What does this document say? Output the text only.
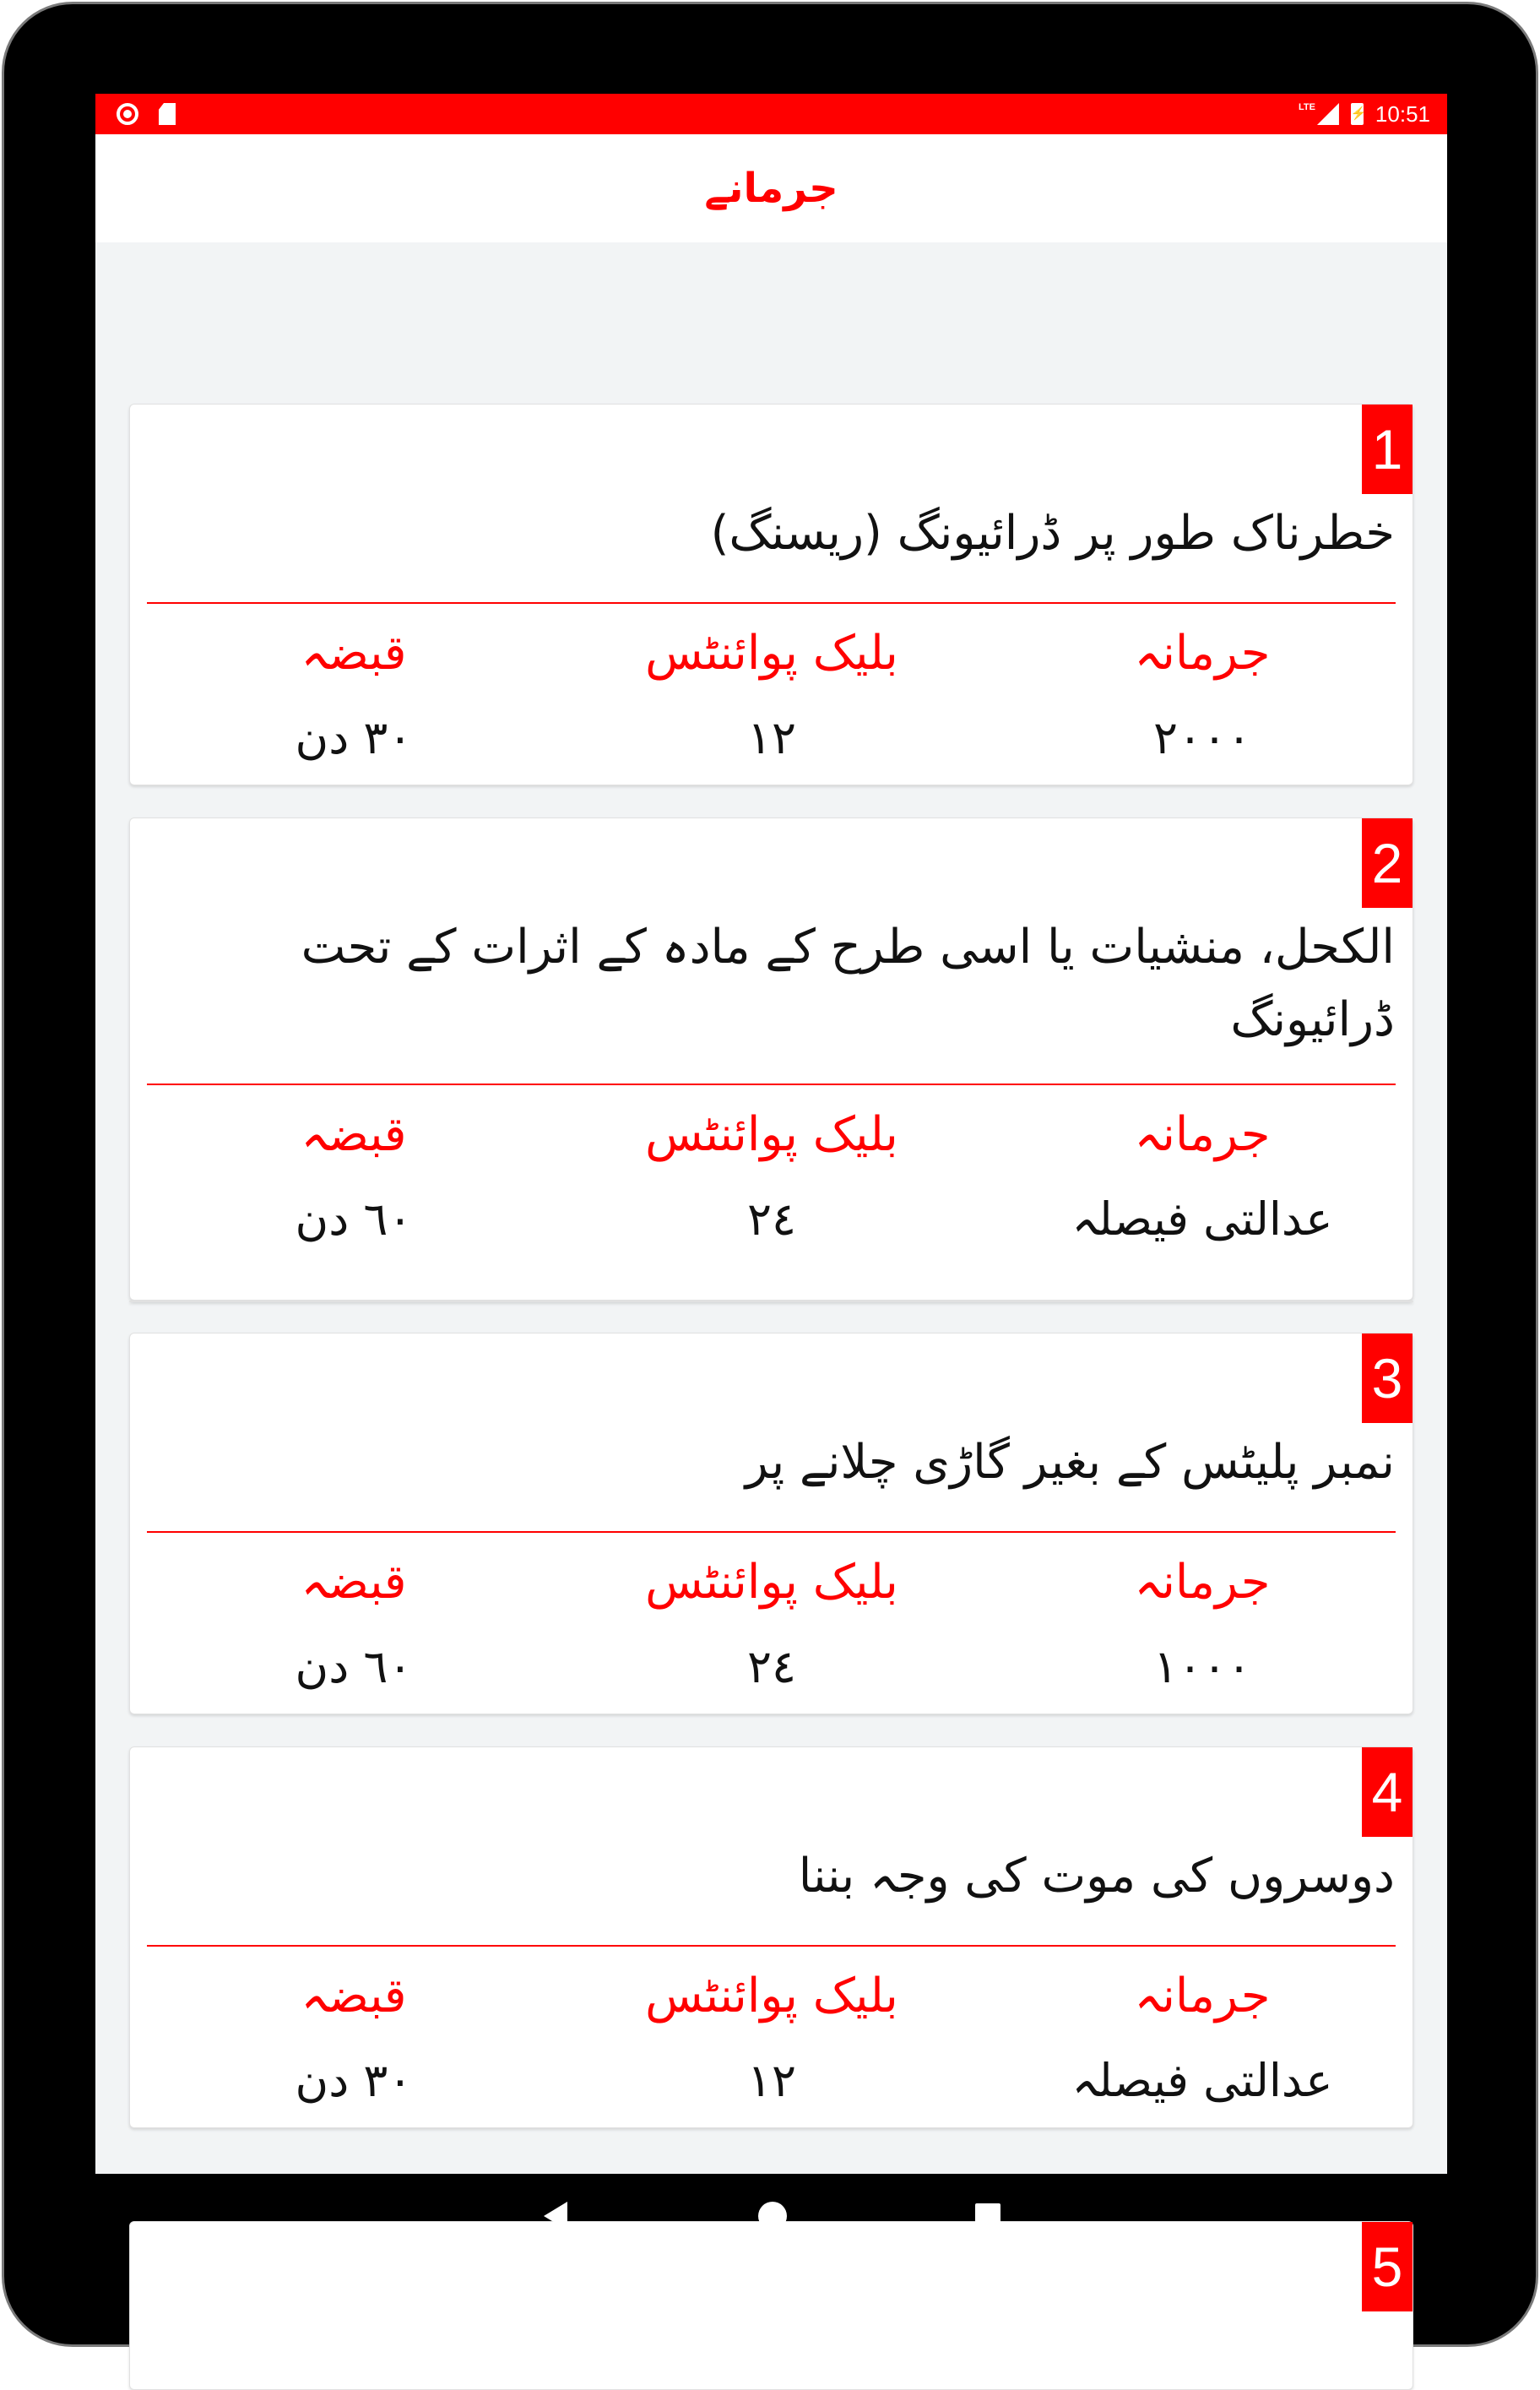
LTE
⚡	10:51
جرمانے
1
خطرناک طور پر ڈرائیونگ (ریسنگ)
جرمانہ
بلیک پوائنٹس
قبضہ
۲۰۰۰
۱۲
۳۰ دن
2
الکحل، منشیات یا اسی طرح کے مادہ کے اثرات کے تحت ڈرائیونگ
جرمانہ
بلیک پوائنٹس
قبضہ
عدالتی فیصلہ
۲٤
٦۰ دن
3
نمبر پلیٹس کے بغیر گاڑی چلانے پر
جرمانہ
بلیک پوائنٹس
قبضہ
۱۰۰۰
۲٤
٦۰ دن
4
دوسروں کی موت کی وجہ بننا
جرمانہ
بلیک پوائنٹس
قبضہ
عدالتی فیصلہ
۱۲
۳۰ دن
5
